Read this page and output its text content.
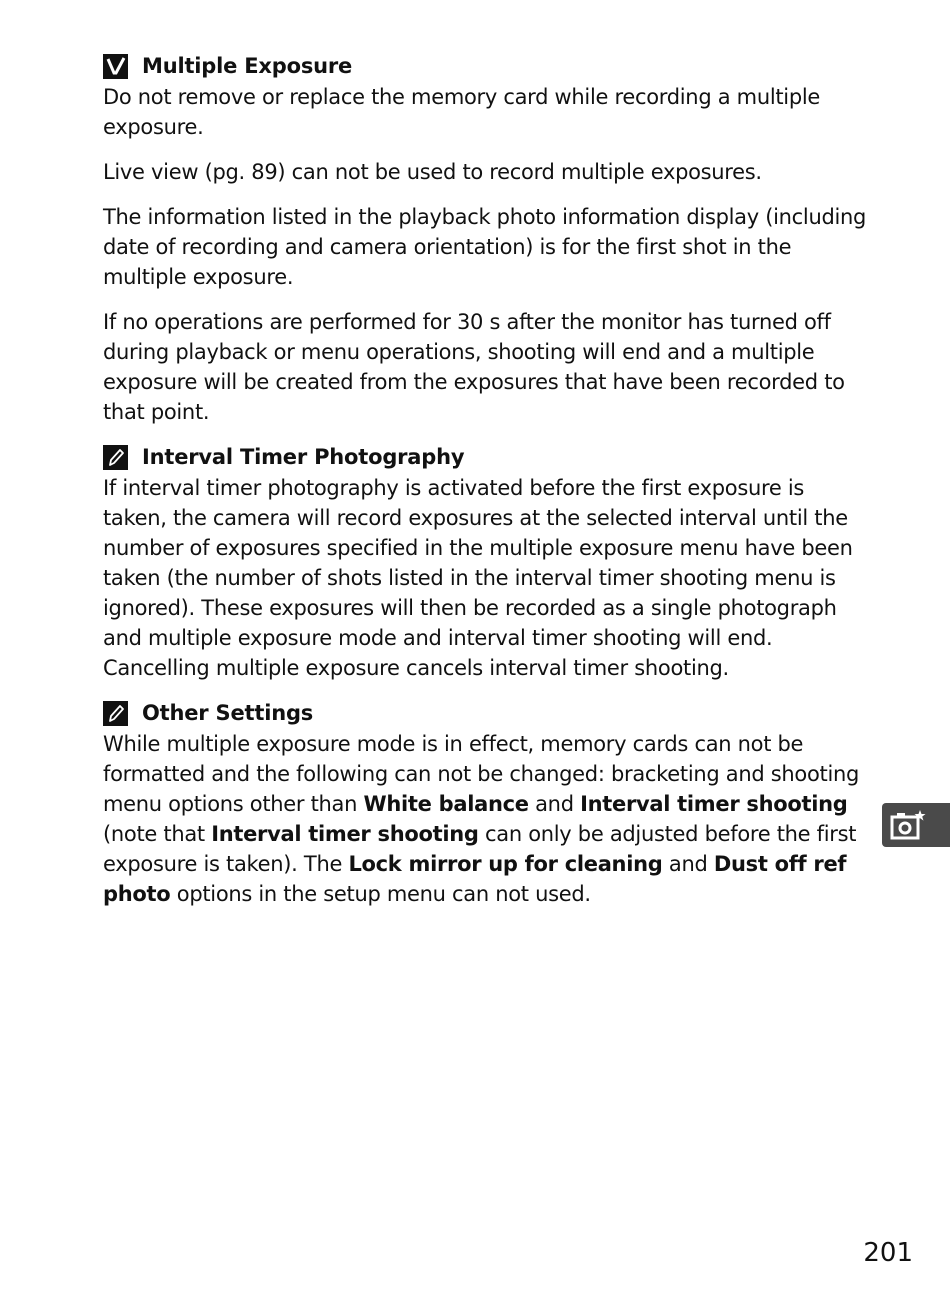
Multiple Exposure

Do not remove or replace the memory card while recording a multiple exposure.

Live view (pg. 89) can not be used to record multiple exposures.

The information listed in the playback photo information display (including date of recording and camera orientation) is for the first shot in the multiple exposure.

If no operations are performed for 30 s after the monitor has turned off during playback or menu operations, shooting will end and a multiple exposure will be created from the exposures that have been recorded to that point.

Interval Timer Photography

If interval timer photography is activated before the first exposure is taken, the camera will record exposures at the selected interval until the number of exposures specified in the multiple exposure menu have been taken (the number of shots listed in the interval timer shooting menu is ignored). These exposures will then be recorded as a single photograph and multiple exposure mode and interval timer shooting will end. Cancelling multiple exposure cancels interval timer shooting.

Other Settings

While multiple exposure mode is in effect, memory cards can not be formatted and the following can not be changed: bracketing and shooting menu options other than White balance and Interval timer shooting (note that Interval timer shooting can only be adjusted before the first exposure is taken). The Lock mirror up for cleaning and Dust off ref photo options in the setup menu can not used.

201
